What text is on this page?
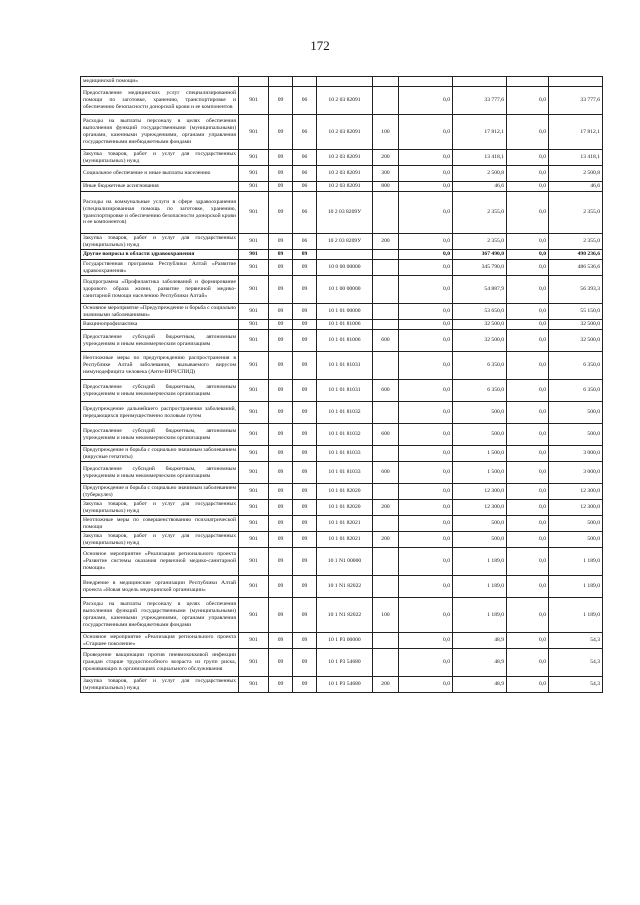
172
медицинской помощи»									
Предоставление медицинских услуг специализированной помощи по заготовке, хранению, транспортировке и обеспечению безопасности донорской крови и ее компонентов	901	09	06	10 2 03 82091		0,0	33 777,6	0,0	33 777,6
Расходы на выплаты персоналу в целях обеспечения выполнения функций государственными (муниципальными) органами, казенными учреждениями, органами управления государственными внебюджетными фондами	901	09	06	10 2 03 82091	100	0,0	17 812,1	0,0	17 812,1
Закупка товаров, работ и услуг для государственных (муниципальных) нужд	901	09	06	10 2 03 82091	200	0,0	13 418,1	0,0	13 418,1
Социальное обеспечение и иные выплаты населению	901	09	06	10 2 03 82091	300	0,0	2 500,8	0,0	2 500,8
Иные бюджетные ассигнования	901	09	06	10 2 03 82091	800	0,0	46,6	0,0	46,6
Расходы на коммунальные услуги в сфере здравоохранения (специализированная помощь по заготовке, хранению, транспортировке и обеспечению безопасности донорской крови и ее компонентов)	901	09	06	10 2 03 8209У		0,0	2 355,0	0,0	2 355,0
Закупка товаров, работ и услуг для государственных (муниципальных) нужд	901	09	06	10 2 03 8209У	200	0,0	2 355,0	0,0	2 355,0
Другие вопросы в области здравоохранения	901	09	09			0,0	367 490,0	0,0	490 236,6
Государственная программа Республики Алтай «Развитие здравоохранения»	901	09	09	10 0 00 00000		0,0	345 790,0	0,0	486 536,6
Подпрограмма «Профилактика заболеваний и формирование здорового образа жизни, развитие первичной медико-санитарной помощи населению Республики Алтай»	901	09	09	10 1 00 00000		0,0	54 887,9	0,0	56 393,3
Основное мероприятие «Предупреждение и борьба с социально значимыми заболеваниями»	901	09	09	10 1 01 00000		0,0	53 650,0	0,0	55 150,0
Вакцинопрофилактика	901	09	09	10 1 01 81006		0,0	32 500,0	0,0	32 500,0
Предоставление субсидий бюджетным, автономным учреждениям и иным некоммерческим организациям	901	09	09	10 1 01 81006	600	0,0	32 500,0	0,0	32 500,0
Неотложные меры по предупреждению распространения в Республике Алтай заболевания, вызываемого вирусом иммунодефицита человека (Анти-ВИЧ/СПИД)	901	09	09	10 1 01 81031		0,0	6 350,0	0,0	6 350,0
Предоставление субсидий бюджетным, автономным учреждениям и иным некоммерческим организациям	901	09	09	10 1 01 81031	600	0,0	6 350,0	0,0	6 350,0
Предупреждение дальнейшего распространения заболеваний, передающихся преимущественно половым путем	901	09	09	10 1 01 81032		0,0	500,0	0,0	500,0
Предоставление субсидий бюджетным, автономным учреждениям и иным некоммерческим организациям	901	09	09	10 1 01 81032	600	0,0	500,0	0,0	500,0
Предупреждение и борьба с социально значимым заболеванием (вирусные гепатиты)	901	09	09	10 1 01 81033		0,0	1 500,0	0,0	3 000,0
Предоставление субсидий бюджетным, автономным учреждениям и иным некоммерческим организациям	901	09	09	10 1 01 81033	600	0,0	1 500,0	0,0	3 000,0
Предупреждение и борьба с социально значимым заболеванием (туберкулез)	901	09	09	10 1 01 82020		0,0	12 300,0	0,0	12 300,0
Закупка товаров, работ и услуг для государственных (муниципальных) нужд	901	09	09	10 1 01 82020	200	0,0	12 300,0	0,0	12 300,0
Неотложные меры по совершенствованию психиатрической помощи	901	09	09	10 1 01 82021		0,0	500,0	0,0	500,0
Закупка товаров, работ и услуг для государственных (муниципальных) нужд	901	09	09	10 1 01 82021	200	0,0	500,0	0,0	500,0
Основное мероприятие «Реализация регионального проекта «Развитие системы оказания первичной медико-санитарной помощи»	901	09	09	10 1 N1 00000		0,0	1 189,0	0,0	1 189,0
Внедрение в медицинские организации Республики Алтай проекта «Новая модель медицинской организации»	901	09	09	10 1 N1 82022		0,0	1 189,0	0,0	1 189,0
Расходы на выплаты персоналу в целях обеспечения выполнения функций государственными (муниципальными) органами, казенными учреждениями, органами управления государственными внебюджетными фондами	901	09	09	10 1 N1 82022	100	0,0	1 189,0	0,0	1 189,0
Основное мероприятие «Реализация регионального проекта «Старшее поколение»	901	09	09	10 1 P3 00000		0,0	48,9	0,0	54,3
Проведение вакцинации против пневмококковой инфекции граждан старше трудоспособного возраста из групп риска, проживающих в организациях социального обслуживания	901	09	09	10 1 P3 54680		0,0	48,9	0,0	54,3
Закупка товаров, работ и услуг для государственных (муниципальных) нужд	901	09	09	10 1 P3 54680	200	0,0	48,9	0,0	54,3
